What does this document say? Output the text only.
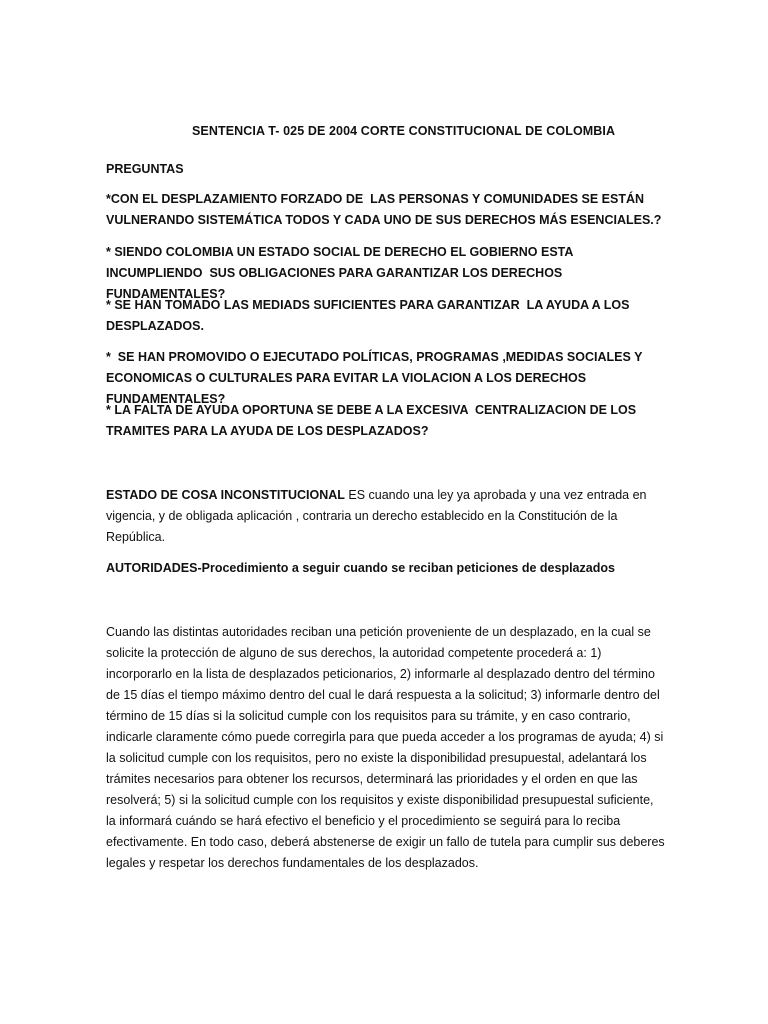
SENTENCIA T- 025 DE 2004 CORTE CONSTITUCIONAL DE COLOMBIA
PREGUNTAS
*CON EL DESPLAZAMIENTO FORZADO DE  LAS PERSONAS Y COMUNIDADES SE ESTÁN VULNERANDO SISTEMÁTICA TODOS Y CADA UNO DE SUS DERECHOS MÁS ESENCIALES.?
* SIENDO COLOMBIA UN ESTADO SOCIAL DE DERECHO EL GOBIERNO ESTA INCUMPLIENDO  SUS OBLIGACIONES PARA GARANTIZAR LOS DERECHOS FUNDAMENTALES?
* SE HAN TOMADO LAS MEDIADS SUFICIENTES PARA GARANTIZAR  LA AYUDA A LOS DESPLAZADOS.
*  SE HAN PROMOVIDO O EJECUTADO POLÍTICAS, PROGRAMAS ,MEDIDAS SOCIALES Y ECONOMICAS O CULTURALES PARA EVITAR LA VIOLACION A LOS DERECHOS FUNDAMENTALES?
* LA FALTA DE AYUDA OPORTUNA SE DEBE A LA EXCESIVA  CENTRALIZACION DE LOS TRAMITES PARA LA AYUDA DE LOS DESPLAZADOS?
ESTADO DE COSA INCONSTITUCIONAL ES cuando una ley ya aprobada y una vez entrada en vigencia, y de obligada aplicación , contraria un derecho establecido en la Constitución de la República.
AUTORIDADES-Procedimiento a seguir cuando se reciban peticiones de desplazados
Cuando las distintas autoridades reciban una petición proveniente de un desplazado, en la cual se solicite la protección de alguno de sus derechos, la autoridad competente procederá a: 1) incorporarlo en la lista de desplazados peticionarios, 2) informarle al desplazado dentro del término de 15 días el tiempo máximo dentro del cual le dará respuesta a la solicitud; 3) informarle dentro del término de 15 días si la solicitud cumple con los requisitos para su trámite, y en caso contrario, indicarle claramente cómo puede corregirla para que pueda acceder a los programas de ayuda; 4) si la solicitud cumple con los requisitos, pero no existe la disponibilidad presupuestal, adelantará los trámites necesarios para obtener los recursos, determinará las prioridades y el orden en que las resolverá; 5) si la solicitud cumple con los requisitos y existe disponibilidad presupuestal suficiente, la informará cuándo se hará efectivo el beneficio y el procedimiento se seguirá para lo reciba efectivamente. En todo caso, deberá abstenerse de exigir un fallo de tutela para cumplir sus deberes legales y respetar los derechos fundamentales de los desplazados.
